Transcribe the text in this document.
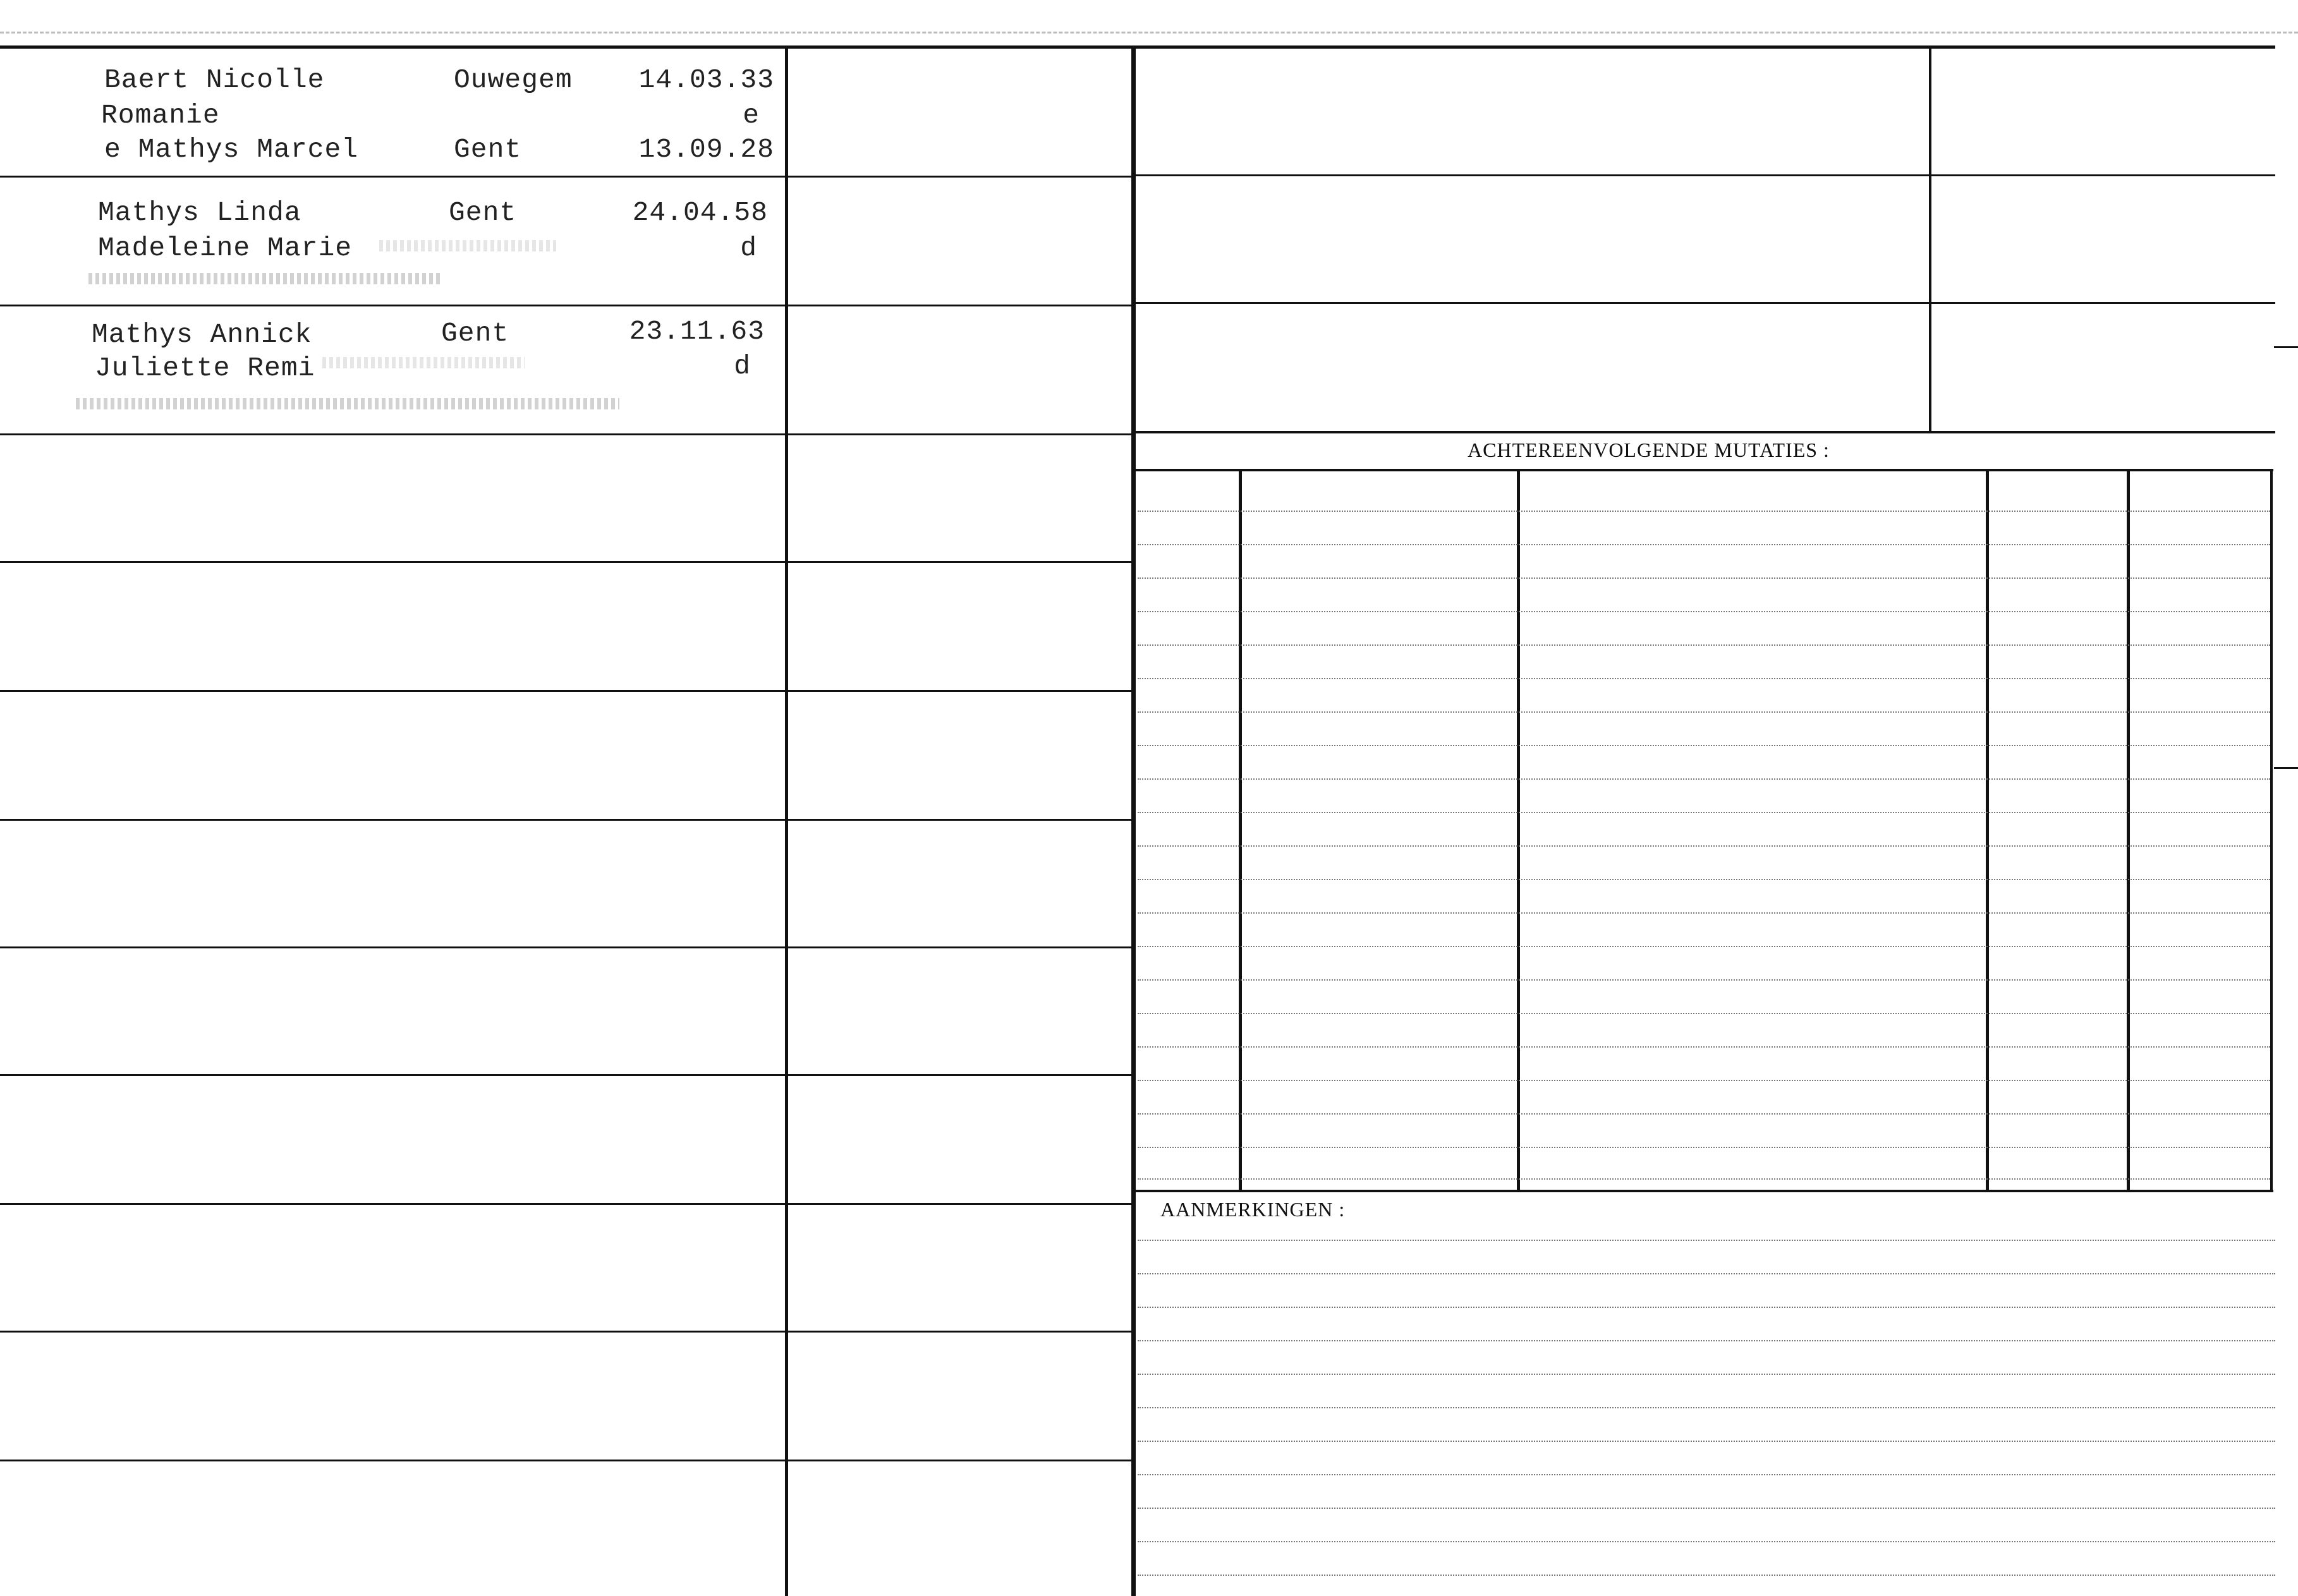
Baert Nicolle
Romanie
e Mathys Marcel
Ouwegem
Gent
14.03.33
e
13.09.28
Mathys Linda
Madeleine Marie
Gent	24.04.58
d
Mathys Annick
Juliette Remi
Gent	23.11.63
d
ACHTEREENVOLGENDE MUTATIES :
AANMERKINGEN :
